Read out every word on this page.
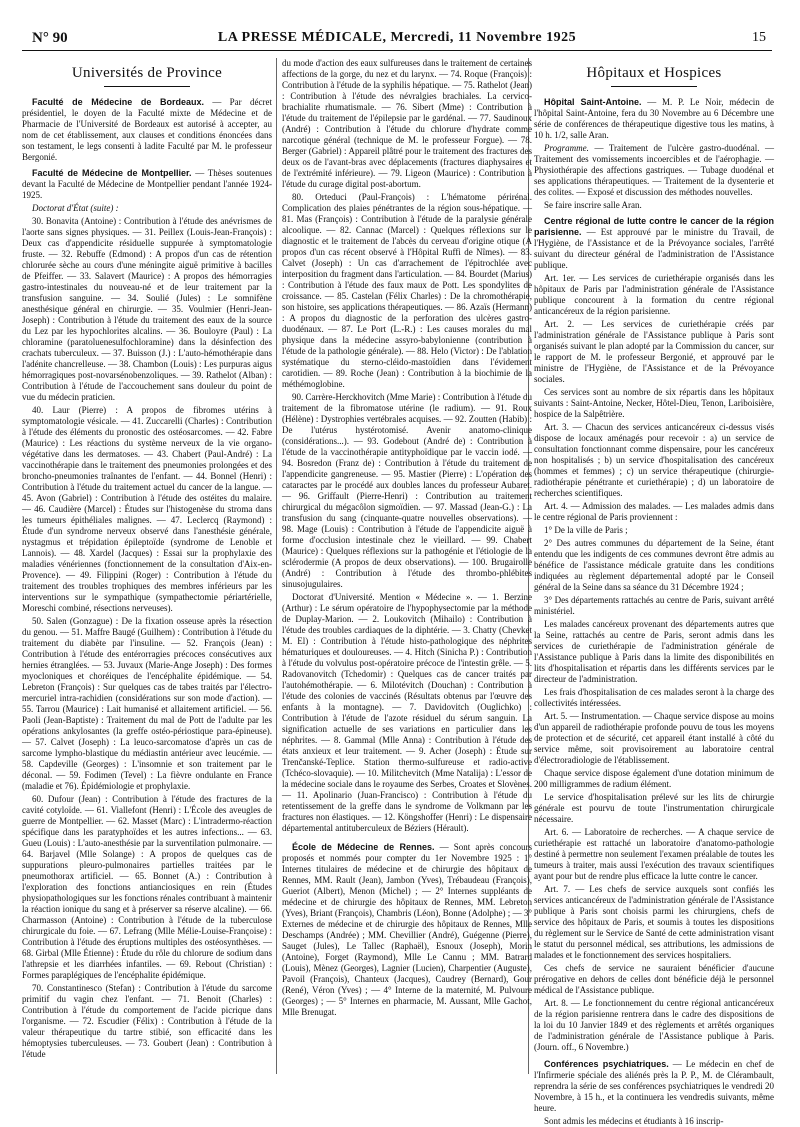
N° 90	LA PRESSE MÉDICALE, Mercredi, 11 Novembre 1925	15
Universités de Province

Faculté de Médecine de Bordeaux. — Par décret présidentiel, le doyen de la Faculté mixte de Médecine et de Pharmacie de l'Université de Bordeaux est autorisé à accepter, au nom de cet établissement, aux clauses et conditions énoncées dans son testament, le legs consenti à ladite Faculté par M. le professeur Bergonié.

Faculté de Médecine de Montpellier. — Thèses soutenues devant la Faculté de Médecine de Montpellier pendant l'année 1924-1925.

Doctorat d'État (suite) :

30. Bonavita (Antoine) : Contribution à l'étude des anévrismes de l'aorte sans signes physiques. — 31. Peillex (Louis-Jean-François) : Deux cas d'appendicite résiduelle suppurée à symptomatologie fruste. — 32. Rebuffe (Edmond) : A propos d'un cas de rétention chlorurée sèche au cours d'une méningite aiguë primitive à bacilles de Pfeiffer. — 33. Salavert (Maurice) : A propos des hémorragies gastro-intestinales du nouveau-né et de leur traitement par la transfusion sanguine. — 34. Soulié (Jules) : Le somnifène anesthésique général en chirurgie. — 35. Voulmier (Henri-Jean-Joseph) : Contribution à l'étude du traitement des eaux de la source du Lez par les hypochlorites alcalins. — 36. Bouloyre (Paul) : La chloramine (paratoluenesulfochloramine) dans la désinfection des crachats tuberculeux. — 37. Buisson (J.) : L'auto-hémothérapie dans l'adénite chancrelleuse. — 38. Chambon (Louis) : Les purpuras aigus hémorragiques post-novarsénobenzoliques. — 39. Rathelot (Alban) : Contribution à l'étude de l'accouchement sans douleur du point de vue du médecin praticien.

40. Laur (Pierre) : A propos de fibromes utérins à symptomatologie vésicale. — 41. Zuccarelli (Charles) : Contribution à l'étude des éléments du pronostic des ostéosarcomes. — 42. Fabre (Maurice) : Les réactions du système nerveux de la vie organo-végétative dans les dermatoses. — 43. Chabert (Paul-André) : La vaccinothérapie dans le traitement des pneumonies prolongées et des broncho-pneumonies traînantes de l'enfant. — 44. Bonnel (Henri) : Contribution à l'étude du traitement actuel du cancer de la langue. — 45. Avon (Gabriel) : Contribution à l'étude des ostéites du malaire. — 46. Caudière (Marcel) : Études sur l'histogenèse du stroma dans les tumeurs épithéliales malignes. — 47. Leclercq (Raymond) : Étude d'un syndrome nerveux observé dans l'anesthésie générale, nystagmus et trépidation épileptoïde (syndrome de Lenoble et Lannois). — 48. Xardel (Jacques) : Essai sur la prophylaxie des maladies vénériennes (fonctionnement de la consultation d'Aix-en-Provence). — 49. Filippini (Roger) : Contribution à l'étude du traitement des troubles trophiques des membres inférieurs par les interventions sur le sympathique (sympathectomie périartérielle, Moreschi combiné, résections nerveuses).

50. Salen (Gonzague) : De la fixation osseuse après la résection du genou. — 51. Maffre Baugé (Guilhem) : Contribution à l'étude du traitement du diabète par l'insuline. — 52. François (Jean) : Contribution à l'étude des entérorragies précoces consécutives aux hernies étranglées. — 53. Juvaux (Marie-Ange Joseph) : Des formes myocloniques et choréiques de l'encéphalite épidémique. — 54. Lebreton (François) : Sur quelques cas de tabes traités par l'électro-mercuriel intra-rachidien (considérations sur son mode d'action). — 55. Tarrou (Maurice) : Lait humanisé et allaitement artificiel. — 56. Paoli (Jean-Baptiste) : Traitement du mal de Pott de l'adulte par les opérations ankylosantes (la greffe ostéo-périostique para-épineuse). — 57. Calvet (Joseph) : La leuco-sarcomatose d'après un cas de sarcome lympho-blastique du médiastin antérieur avec leucémie. — 58. Capdeville (Georges) : L'insomnie et son traitement par le déconal. — 59. Fodimen (Tevel) : La fièvre ondulante en France (maladie et 76). Épidémiologie et prophylaxie.

60. Dufour (Jean) : Contribution à l'étude des fractures de la cavité cotyloïde. — 61. Viallefont (Henri) : L'École des aveugles de guerre de Montpellier. — 62. Masset (Marc) : L'intradermo-réaction spécifique dans les paratyphoïdes et les autres infections... — 63. Gueu (Louis) : L'auto-anesthésie par la surventilation pulmonaire. — 64. Barjavel (Mlle Solange) : A propos de quelques cas de suppurations pleuro-pulmonaires partielles traitées par le pneumothorax artificiel. — 65. Bonnet (A.) : Contribution à l'exploration des fonctions antianciosiques en rein (Études physiopathologiques sur les fonctions rénales contribuant à maintenir la réaction ionique du sang et à préserver sa réserve alcaline). — 66. Charmasson (Antoine) : Contribution à l'étude de la tuberculose chirurgicale du foie. — 67. Lefrang (Mlle Mélie-Louise-Françoise) : Contribution à l'étude des éruptions multiples des ostéosynthèses. — 68. Girbal (Mlle Étienne) : Étude du rôle du chlorure de sodium dans l'athrepsie et les diarrhées infantiles. — 69. Rebout (Christian) : Formes paraplégiques de l'encéphalite épidémique.

70. Constantinesco (Stefan) : Contribution à l'étude du sarcome primitif du vagin chez l'enfant. — 71. Benoit (Charles) : Contribution à l'étude du comportement de l'acide picrique dans l'organisme. — 72. Escudier (Félix) : Contribution à l'étude de la valeur thérapeutique du tartre stibié, son efficacité dans les hémoptysies tuberculeuses. — 73. Goubert (Jean) : Contribution à l'étude

du mode d'action des eaux sulfureuses dans le traitement de certaines affections de la gorge, du nez et du larynx. — 74. Roque (François) : Contribution à l'étude de la syphilis hépatique. — 75. Rathelot (Jean) : Contribution à l'étude des névralgies brachiales. La cervico-brachialite rhumatismale. — 76. Sibert (Mme) : Contribution à l'étude du traitement de l'épilepsie par le gardénal. — 77. Saudinoux (André) : Contribution à l'étude du chlorure d'hydrate comme narcotique général (technique de M. le professeur Forgue). — 78. Berger (Gabriel) : Appareil plâtré pour le traitement des fractures des deux os de l'avant-bras avec déplacements (fractures diaphysaires et de l'extrémité inférieure). — 79. Ligeon (Maurice) : Contribution à l'étude du curage digital post-abortum.

80. Orteduci (Paul-François) : L'hématome périrénal. Complication des plaies pénétrantes de la région sous-hépatique. — 81. Mas (François) : Contribution à l'étude de la paralysie générale alcoolique. — 82. Cannac (Marcel) : Quelques réflexions sur le diagnostic et le traitement de l'abcès du cerveau d'origine otique (A propos d'un cas récent observé à l'Hôpital Ruffi de Nîmes). — 83. Calvet (Joseph) : Un cas d'arrachement de l'épitrochlée avec interposition du fragment dans l'articulation. — 84. Bourdet (Marius) : Contribution à l'étude des faux maux de Pott. Les spondylites de croissance. — 85. Castelan (Félix Charles) : De la chromothérapie, son histoire, ses applications thérapeutiques. — 86. Azaïs (Hermann) : A propos du diagnostic de la perforation des ulcères gastro-duodénaux. — 87. Le Port (L.-R.) : Les causes morales du mal physique dans la médecine assyro-babylonienne (contribution à l'étude de la pathologie générale). — 88. Helo (Victor) : De l'ablation systématique du sterno-cléido-mastoïdien dans l'évidement carotidien. — 89. Roche (Jean) : Contribution à la biochimie de la méthémoglobine.

90. Carrère-Herckhovitch (Mme Marie) : Contribution à l'étude du traitement de la fibromatose utérine (le radium). — 91. Roux (Hélène) : Dystrophies vertébrales acquises. — 92. Zoutten (Habib) : De l'utérus hystérotomisé. Avenir anatomo-clinique (considérations...). — 93. Godebout (André de) : Contribution à l'étude de la vaccinothérapie antityphoïdique par le vaccin iodé. — 94. Bosredon (Franz de) : Contribution à l'étude du traitement de l'appendicite gangreneuse. — 95. Mastier (Pierre) : L'opération des cataractes par le procédé aux doubles lances du professeur Aubaret. — 96. Griffault (Pierre-Henri) : Contribution au traitement chirurgical du mégacôlon sigmoïdien. — 97. Massad (Jean-G.) : La transfusion du sang (cinquante-quatre nouvelles observations). — 98. Mage (Louis) : Contribution à l'étude de l'appendicite aiguë à forme d'occlusion intestinale chez le vieillard. — 99. Chabert (Maurice) : Quelques réflexions sur la pathogénie et l'étiologie de la sclérodermie (A propos de deux observations). — 100. Brugairolle (André) : Contribution à l'étude des thrombo-phlébites sinusojugulaires.

Doctorat d'Université. Mention « Médecine ». — 1. Berzine (Arthur) : Le sérum opératoire de l'hypophysectomie par la méthode de Duplay-Marion. — 2. Loukovitch (Mihailo) : Contribution à l'étude des troubles cardiaques de la diphtérie. — 3. Chatty (Chevket M. El) : Contribution à l'étude histo-pathologique des néphrites hématuriques et douloureuses. — 4. Hitch (Sinicha P.) : Contribution à l'étude du volvulus post-opératoire précoce de l'intestin grêle. — 5. Radovanovitch (Tchedomir) : Quelques cas de cancer traités par l'autohémothérapie. — 6. Milotévitch (Douchan) : Contribution à l'étude des colonies de vaccinés (Résultats obtenus par l'œuvre des enfants à la montagne). — 7. Davidovitch (Ouglichko) : Contribution à l'étude de l'azote résiduel du sérum sanguin. La signification actuelle de ses variations en particulier dans les néphrites. — 8. Gammal (Mlle Anna) : Contribution à l'étude des états anxieux et leur traitement. — 9. Acher (Joseph) : Étude sur Trenčanské-Teplice. Station thermo-sulfureuse et radio-active (Tchéco-slovaquie). — 10. Militchevitch (Mme Natalija) : L'essor de la médecine sociale dans le royaume des Serbes, Croates et Slovènes. — 11. Apolinario (Juan-Francisco) : Contribution à l'étude du retentissement de la greffe dans le syndrome de Volkmann par les fractures non élastiques. — 12. Köngshoffer (Henri) : Le dispensaire départemental antituberculeux de Béziers (Hérault).

École de Médecine de Rennes. — Sont après concours proposés et nommés pour compter du 1er Novembre 1925 : 1° Internes titulaires de médecine et de chirurgie des hôpitaux de Rennes, MM. Rault (Jean), Jambon (Yves), Trébaudeau (François), Gueriot (Albert), Menon (Michel) ; — 2° Internes suppléants de médecine et de chirurgie des hôpitaux de Rennes, MM. Lebreton (Yves), Briant (François), Chambris (Léon), Bonne (Adolphe) ; — 3° Externes de médecine et de chirurgie des hôpitaux de Rennes, Mlle Deschamps (Andrée) ; MM. Chevillier (André), Guégenne (Pierre), Sauget (Jules), Le Tallec (Raphaël), Esnoux (Joseph), Morin (Antoine), Forget (Raymond), Mlle Le Cannu ; MM. Batrard (Louis), Mènez (Georges), Lagnier (Lucien), Charpentier (Auguste), Pavoil (François), Chanteux (Jacques), Caudrey (Bernard), Gour (René), Véron (Yves) ; — 4° Interne de la maternité, M. Pulvoure (Georges) ; — 5° Internes en pharmacie, M. Aussant, Mlle Gachot, Mlle Brenugat.

Hôpitaux et Hospices

Hôpital Saint-Antoine. — M. P. Le Noir, médecin de l'hôpital Saint-Antoine, fera du 30 Novembre au 6 Décembre une série de conférences de thérapeutique digestive tous les matins, à 10 h. 1/2, salle Aran.

Programme. — Traitement de l'ulcère gastro-duodénal. — Traitement des vomissements incoercibles et de l'aérophagie. — Physiothérapie des affections gastriques. — Tubage duodénal et ses applications thérapeutiques. — Traitement de la dysenterie et des colites. — Exposé et discussion des méthodes nouvelles.

Se faire inscrire salle Aran.

Centre régional de lutte contre le cancer de la région parisienne. — Est approuvé par le ministre du Travail, de l'Hygiène, de l'Assistance et de la Prévoyance sociales, l'arrêté suivant du directeur général de l'administration de l'Assistance publique.

Art. 1er. — Les services de curiethérapie organisés dans les hôpitaux de Paris par l'administration générale de l'Assistance publique concourent à la formation du centre régional anticancéreux de la région parisienne.

Art. 2. — Les services de curiethérapie créés par l'administration générale de l'Assistance publique à Paris sont organisés suivant le plan adopté par la Commission du cancer, sur le rapport de M. le professeur Bergonié, et approuvé par le ministre de l'Hygiène, de l'Assistance et de la Prévoyance sociales.

Ces services sont au nombre de six répartis dans les hôpitaux suivants : Saint-Antoine, Necker, Hôtel-Dieu, Tenon, Lariboisière, hospice de la Salpêtrière.

Art. 3. — Chacun des services anticancéreux ci-dessus visés dispose de locaux aménagés pour recevoir : a) un service de consultation fonctionnant comme dispensaire, pour les cancéreux non hospitalisés ; b) un service d'hospitalisation des cancéreux (hommes et femmes) ; c) un service thérapeutique (chirurgie-radiothérapie pénétrante et curiethérapie) ; d) un laboratoire de recherches scientifiques.

Art. 4. — Admission des malades. — Les malades admis dans le centre régional de Paris proviennent :

1° De la ville de Paris ;

2° Des autres communes du département de la Seine, étant entendu que les indigents de ces communes devront être admis au bénéfice de l'assistance médicale gratuite dans les conditions indiquées au règlement départemental adopté par le Conseil général de la Seine dans sa séance du 31 Décembre 1924 ;

3° Des départements rattachés au centre de Paris, suivant arrêté ministériel.

Les malades cancéreux provenant des départements autres que la Seine, rattachés au centre de Paris, seront admis dans les services de curiethérapie de l'administration générale de l'Assistance publique à Paris dans la limite des disponibilités en lits d'hospitalisation et répartis dans les différents services par le directeur de l'administration.

Les frais d'hospitalisation de ces malades seront à la charge des collectivités intéressées.

Art. 5. — Instrumentation. — Chaque service dispose au moins d'un appareil de radiothérapie profonde pouvu de tous les moyens de protection et de sécurité, cet appareil étant installé à côté du service même, soit provisoirement au laboratoire central d'électroradiologie de l'établissement.

Chaque service dispose également d'une dotation minimum de 200 milligrammes de radium élément.

Le service d'hospitalisation prélevé sur les lits de chirurgie générale est pourvu de toute l'instrumentation chirurgicale nécessaire.

Art. 6. — Laboratoire de recherches. — A chaque service de curiethérapie est rattaché un laboratoire d'anatomo-pathologie destiné à permettre non seulement l'examen préalable de toutes les tumeurs à traiter, mais aussi l'exécution des travaux scientifiques ayant pour but de rendre plus efficace la lutte contre le cancer.

Art. 7. — Les chefs de service auxquels sont confiés les services anticancéreux de l'administration générale de l'Assistance publique à Paris sont choisis parmi les chirurgiens, chefs de service des hôpitaux de Paris, et soumis à toutes les dispositions du règlement sur le Service de Santé de cette administration visant le statut du personnel médical, ses attributions, les admissions de malades et le fonctionnement des services hospitaliers.

Ces chefs de service ne sauraient bénéficier d'aucune prérogative en dehors de celles dont bénéficie déjà le personnel médical de l'Assistance publique.

Art. 8. — Le fonctionnement du centre régional anticancéreux de la région parisienne rentrera dans le cadre des dispositions de la loi du 10 Janvier 1849 et des règlements et arrêtés organiques de l'administration générale de l'Assistance publique à Paris. (Journ. off., 6 Novembre.)

Conférences psychiatriques. — Le médecin en chef de l'Infirmerie spéciale des aliénés près la P. P., M. de Clérambault, reprendra la série de ses conférences psychiatriques le vendredi 20 Novembre, à 15 h., et la continuera les vendredis suivants, même heure.

Sont admis les médecins et étudiants à 16 inscrip-
